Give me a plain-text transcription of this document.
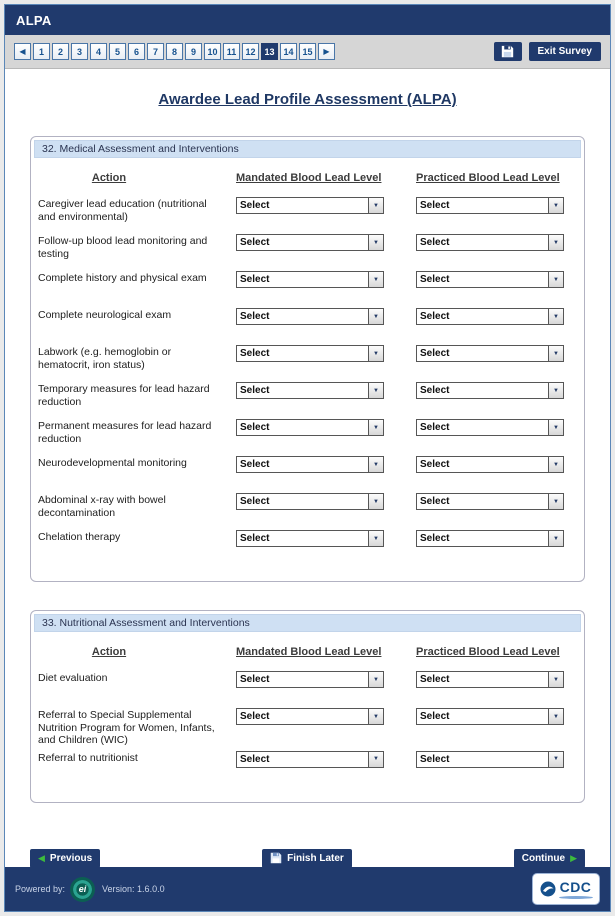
ALPA
◀	1	2	3	4	5	6	7	8	9	10	11	12 13 14 15	▶	Exit Survey
Awardee Lead Profile Assessment (ALPA)
32. Medical Assessment and Interventions
Action	Mandated Blood Lead Level	Practiced Blood Lead Level
Caregiver lead education (nutritional and environmental)
Select	▼	Select	▼
Follow-up blood lead monitoring and testing
Select	▼	Select	▼
Complete history and physical exam	Select	▼	Select	▼
Complete neurological exam	Select	▼	Select	▼
Labwork (e.g. hemoglobin or hematocrit, iron status)
Select	▼	Select	▼
Temporary measures for lead hazard reduction
Select	▼	Select	▼
Permanent measures for lead hazard reduction
Select	▼	Select	▼
Neurodevelopmental monitoring	Select	▼	Select	▼
Abdominal x-ray with bowel decontamination
Select	▼	Select	▼
Chelation therapy	Select	▼	Select	▼
33. Nutritional Assessment and Interventions
Action	Mandated Blood Lead Level	Practiced Blood Lead Level
Diet evaluation	Select	▼	Select	▼
Referral to Special Supplemental Nutrition Program for Women, Infants, and Children (WIC)
Select	▼	Select	▼
Referral to nutritionist	Select	▼	Select	▼
◀ Previous	Finish Later	Continue ▶
Powered by:	ei	Version: 1.6.0.0	CDC
